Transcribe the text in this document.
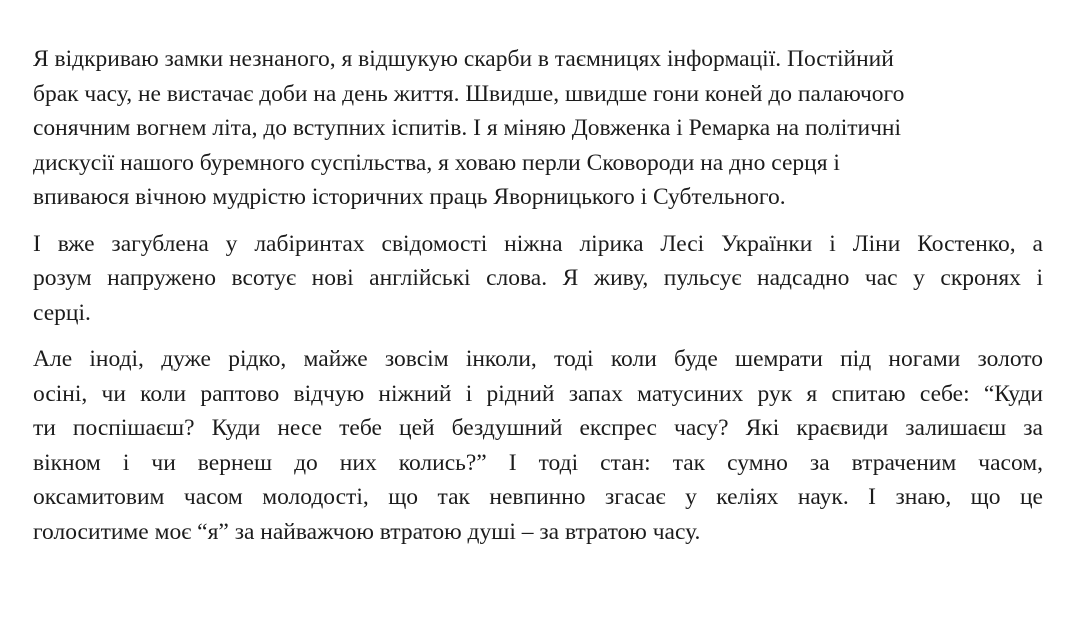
Я відкриваю замки незнаного, я відшукую скарби в таємницях інформації. Постійний
брак часу, не вистачає доби на день життя. Швидше, швидше гони коней до палаючого
сонячним вогнем літа, до вступних іспитів. І я міняю Довженка і Ремарка на політичні
дискусії нашого буремного суспільства, я ховаю перли Сковороди на дно серця і
впиваюся вічною мудрістю історичних праць Яворницького і Субтельного.

І вже загублена у лабіринтах свідомості ніжна лірика Лесі Українки і Ліни Костенко, а
розум напружено всотує нові англійські слова. Я живу, пульсує надсадно час у скронях і
серці.

Але іноді, дуже рідко, майже зовсім інколи, тоді коли буде шемрати під ногами золото
осіні, чи коли раптово відчую ніжний і рідний запах матусиних рук я спитаю себе: “Куди
ти поспішаєш? Куди несе тебе цей бездушний експрес часу? Які краєвиди залишаєш за
вікном і чи вернеш до них колись?” І тоді стан: так сумно за втраченим часом,
оксамитовим часом молодості, що так невпинно згасає у келіях наук. І знаю, що це
голоситиме моє “я” за найважчою втратою душі – за втратою часу.
